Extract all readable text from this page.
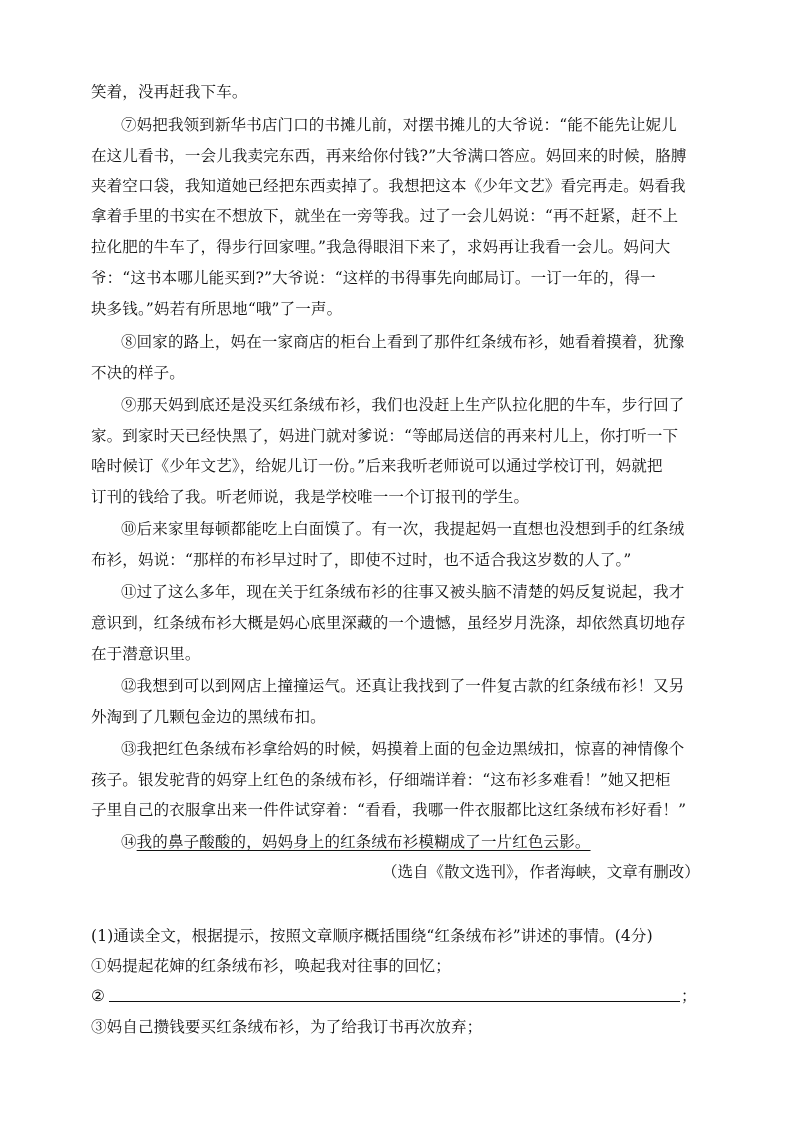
笑着，没再赶我下车。
⑦妈把我领到新华书店门口的书摊儿前，对摆书摊儿的大爷说：“能不能先让妮儿
在这儿看书，一会儿我卖完东西，再来给你付钱?”大爷满口答应。妈回来的时候，胳膊
夹着空口袋，我知道她已经把东西卖掉了。我想把这本《少年文艺》看完再走。妈看我
拿着手里的书实在不想放下，就坐在一旁等我。过了一会儿妈说：“再不赶紧，赶不上
拉化肥的牛车了，得步行回家哩。”我急得眼泪下来了，求妈再让我看一会儿。妈问大
爷：“这书本哪儿能买到?”大爷说：“这样的书得事先向邮局订。一订一年的，得一
块多钱。”妈若有所思地“哦”了一声。
⑧回家的路上，妈在一家商店的柜台上看到了那件红条绒布衫，她看着摸着，犹豫
不决的样子。
⑨那天妈到底还是没买红条绒布衫，我们也没赶上生产队拉化肥的牛车，步行回了
家。到家时天已经快黑了，妈进门就对爹说：“等邮局送信的再来村儿上，你打听一下
啥时候订《少年文艺》，给妮儿订一份。”后来我听老师说可以通过学校订刊，妈就把
订刊的钱给了我。听老师说，我是学校唯一一个订报刊的学生。
⑩后来家里每顿都能吃上白面馍了。有一次，我提起妈一直想也没想到手的红条绒
布衫，妈说：“那样的布衫早过时了，即使不过时，也不适合我这岁数的人了。”
⑪过了这么多年，现在关于红条绒布衫的往事又被头脑不清楚的妈反复说起，我才
意识到，红条绒布衫大概是妈心底里深藏的一个遗憾，虽经岁月洗涤，却依然真切地存
在于潜意识里。
⑫我想到可以到网店上撞撞运气。还真让我找到了一件复古款的红条绒布衫！又另
外淘到了几颗包金边的黑绒布扣。
⑬我把红色条绒布衫拿给妈的时候，妈摸着上面的包金边黑绒扣，惊喜的神情像个
孩子。银发驼背的妈穿上红色的条绒布衫，仔细端详着：“这布衫多难看！”她又把柜
子里自己的衣服拿出来一件件试穿着：“看看，我哪一件衣服都比这红条绒布衫好看！”
⑭我的鼻子酸酸的，妈妈身上的红条绒布衫模糊成了一片红色云影。
（选自《散文选刊》，作者海峡，文章有删改）
(1)通读全文，根据提示，按照文章顺序概括围绕“红条绒布衫”讲述的事情。(4分)
①妈提起花婶的红条绒布衫，唤起我对往事的回忆；
②	；
③妈自己攒钱要买红条绒布衫，为了给我订书再次放弃；
